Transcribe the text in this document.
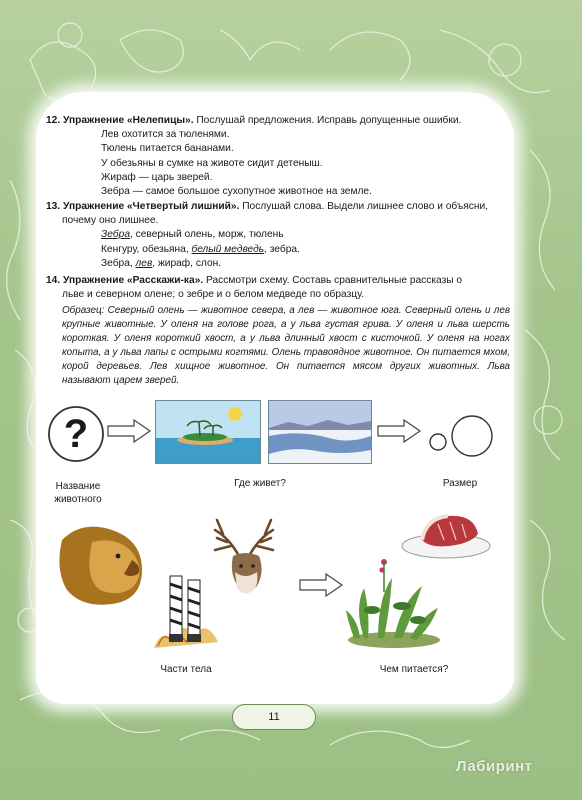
12. Упражнение «Нелепицы». Послушай предложения. Исправь допущенные ошибки.
Лев охотится за тюленями.
Тюлень питается бананами.
У обезьяны в сумке на животе сидит детеныш.
Жираф — царь зверей.
Зебра — самое большое сухопутное животное на земле.
13. Упражнение «Четвертый лишний». Послушай слова. Выдели лишнее слово и объясни,
почему оно лишнее.
Зебра, северный олень, морж, тюлень
Кенгуру, обезьяна, белый медведь, зебра.
Зебра, лев, жираф, слон.
14. Упражнение «Расскажи-ка». Рассмотри схему. Составь сравнительные рассказы о
льве и северном олене; о зебре и о белом медведе по образцу.
Образец: Северный олень — животное севера, а лев — животное юга. Северный олень и лев крупные животные. У оленя на голове рога, а у льва густая грива. У оленя и льва шерсть короткая. У оленя короткий хвост, а у льва длинный хвост с кисточкой. У оленя на ногах копыта, а у льва лапы с острыми когтями. Олень травоядное животное. Он питается мхом, корой деревьев. Лев хищное животное. Он питается мясом других животных. Льва называют царем зверей.
?
Название животного
Где живет?	Размер
Части тела	Чем питается?
11
Лабиринт
